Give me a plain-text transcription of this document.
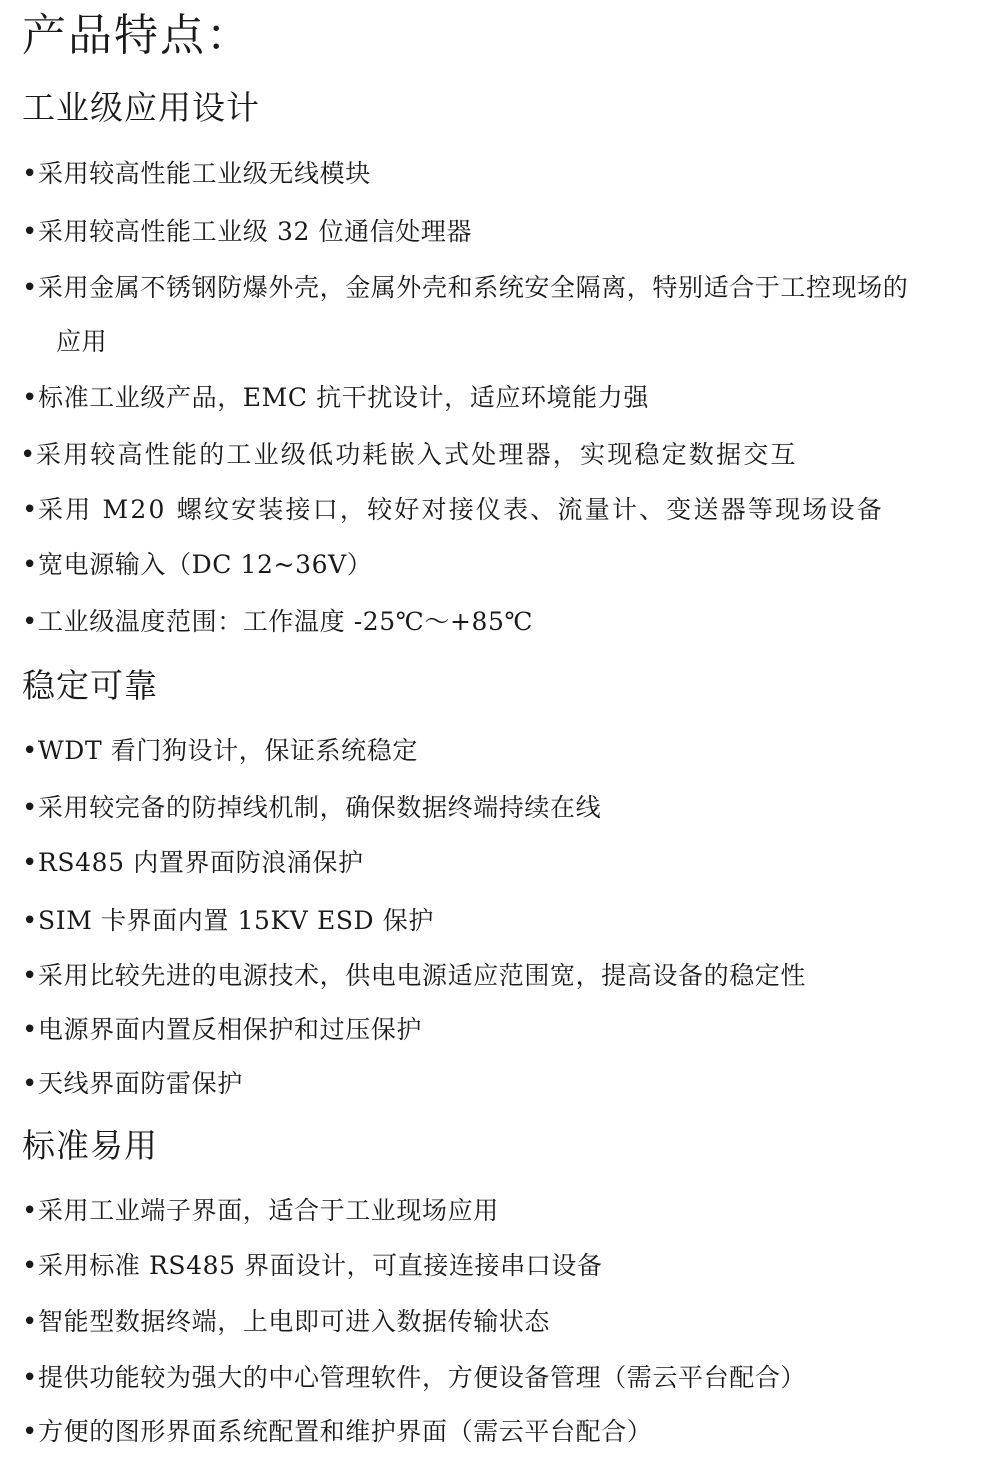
产品特点：
工业级应用设计
•采用较高性能工业级无线模块
•采用较高性能工业级 32 位通信处理器
•采用金属不锈钢防爆外壳，金属外壳和系统安全隔离，特别适合于工控现场的
应用
•标准工业级产品，EMC 抗干扰设计，适应环境能力强
•采用较高性能的工业级低功耗嵌入式处理器，实现稳定数据交互
•采用 M20 螺纹安装接口，较好对接仪表、流量计、变送器等现场设备
•宽电源输入（DC 12~36V）
•工业级温度范围：工作温度 -25℃～+85℃
稳定可靠
•WDT 看门狗设计，保证系统稳定
•采用较完备的防掉线机制，确保数据终端持续在线
•RS485 内置界面防浪涌保护
•SIM 卡界面内置 15KV ESD 保护
•采用比较先进的电源技术，供电电源适应范围宽，提高设备的稳定性
•电源界面内置反相保护和过压保护
•天线界面防雷保护
标准易用
•采用工业端子界面，适合于工业现场应用
•采用标准 RS485 界面设计，可直接连接串口设备
•智能型数据终端，上电即可进入数据传输状态
•提供功能较为强大的中心管理软件，方便设备管理（需云平台配合）
•方便的图形界面系统配置和维护界面（需云平台配合）
